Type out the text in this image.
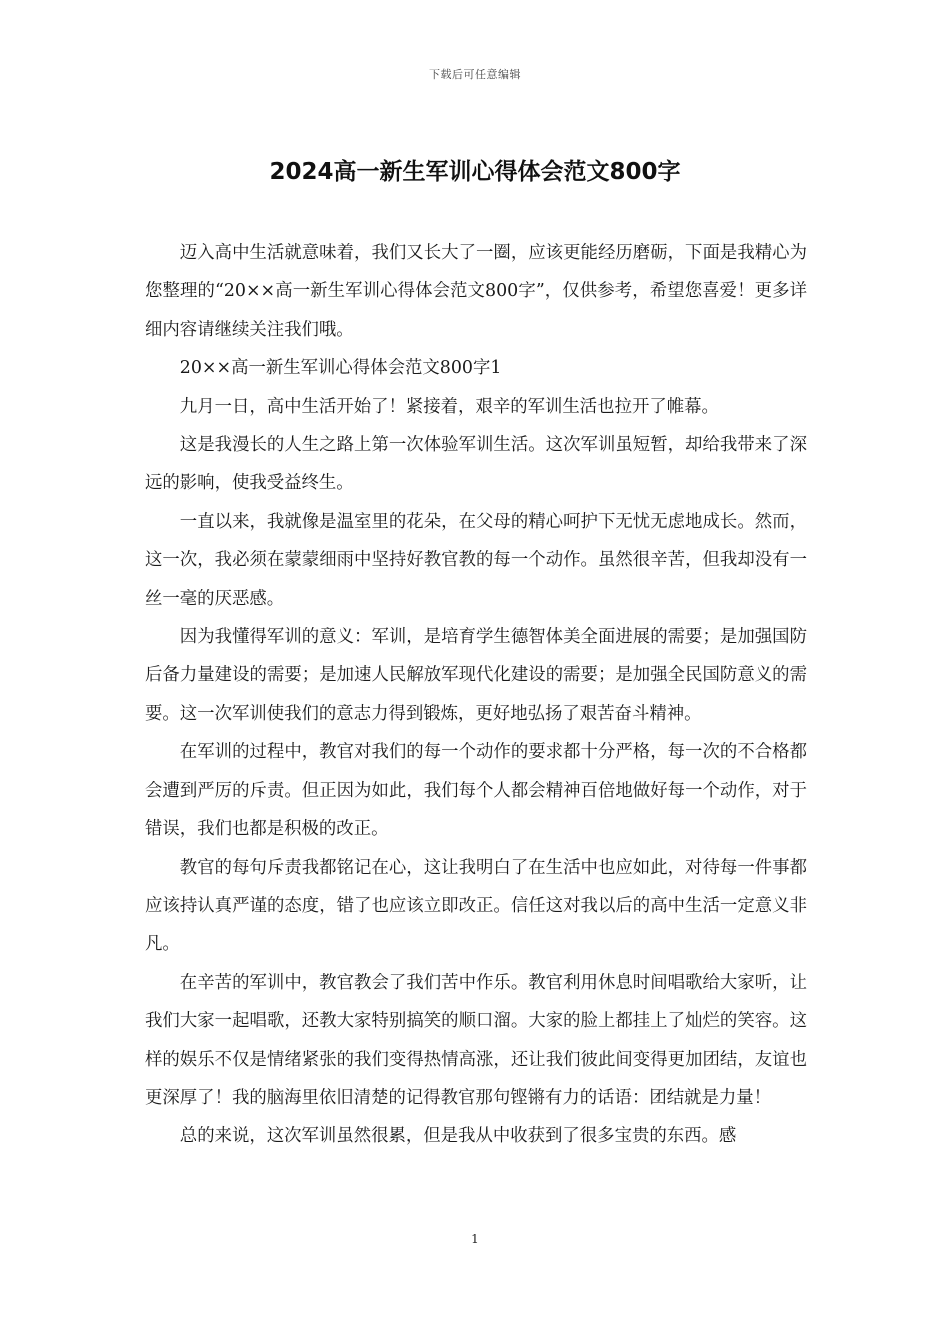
下载后可任意编辑
2024高一新生军训心得体会范文800字

迈入高中生活就意味着，我们又长大了一圈，应该更能经历磨砺，下面是我精心为您整理的“20××高一新生军训心得体会范文800字”，仅供参考，希望您喜爱！更多详细内容请继续关注我们哦。

20××高一新生军训心得体会范文800字1

九月一日，高中生活开始了！紧接着，艰辛的军训生活也拉开了帷幕。

这是我漫长的人生之路上第一次体验军训生活。这次军训虽短暂，却给我带来了深远的影响，使我受益终生。

一直以来，我就像是温室里的花朵，在父母的精心呵护下无忧无虑地成长。然而，这一次，我必须在蒙蒙细雨中坚持好教官教的每一个动作。虽然很辛苦，但我却没有一丝一毫的厌恶感。

因为我懂得军训的意义：军训，是培育学生德智体美全面进展的需要；是加强国防后备力量建设的需要；是加速人民解放军现代化建设的需要；是加强全民国防意义的需要。这一次军训使我们的意志力得到锻炼，更好地弘扬了艰苦奋斗精神。

在军训的过程中，教官对我们的每一个动作的要求都十分严格，每一次的不合格都会遭到严厉的斥责。但正因为如此，我们每个人都会精神百倍地做好每一个动作，对于错误，我们也都是积极的改正。

教官的每句斥责我都铭记在心，这让我明白了在生活中也应如此，对待每一件事都应该持认真严谨的态度，错了也应该立即改正。信任这对我以后的高中生活一定意义非凡。

在辛苦的军训中，教官教会了我们苦中作乐。教官利用休息时间唱歌给大家听，让我们大家一起唱歌，还教大家特别搞笑的顺口溜。大家的脸上都挂上了灿烂的笑容。这样的娱乐不仅是情绪紧张的我们变得热情高涨，还让我们彼此间变得更加团结，友谊也更深厚了！我的脑海里依旧清楚的记得教官那句铿锵有力的话语：团结就是力量！

总的来说，这次军训虽然很累，但是我从中收获到了很多宝贵的东西。感

1
